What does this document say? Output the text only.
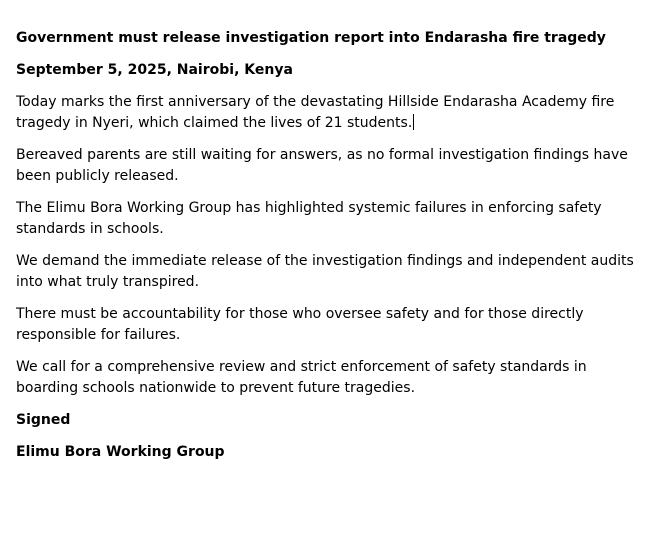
Government must release investigation report into Endarasha fire tragedy
September 5, 2025, Nairobi, Kenya
Today marks the first anniversary of the devastating Hillside Endarasha Academy fire tragedy in Nyeri, which claimed the lives of 21 students.
Bereaved parents are still waiting for answers, as no formal investigation findings have been publicly released.
The Elimu Bora Working Group has highlighted systemic failures in enforcing safety standards in schools.
We demand the immediate release of the investigation findings and independent audits into what truly transpired.
There must be accountability for those who oversee safety and for those directly responsible for failures.
We call for a comprehensive review and strict enforcement of safety standards in boarding schools nationwide to prevent future tragedies.
Signed
Elimu Bora Working Group
